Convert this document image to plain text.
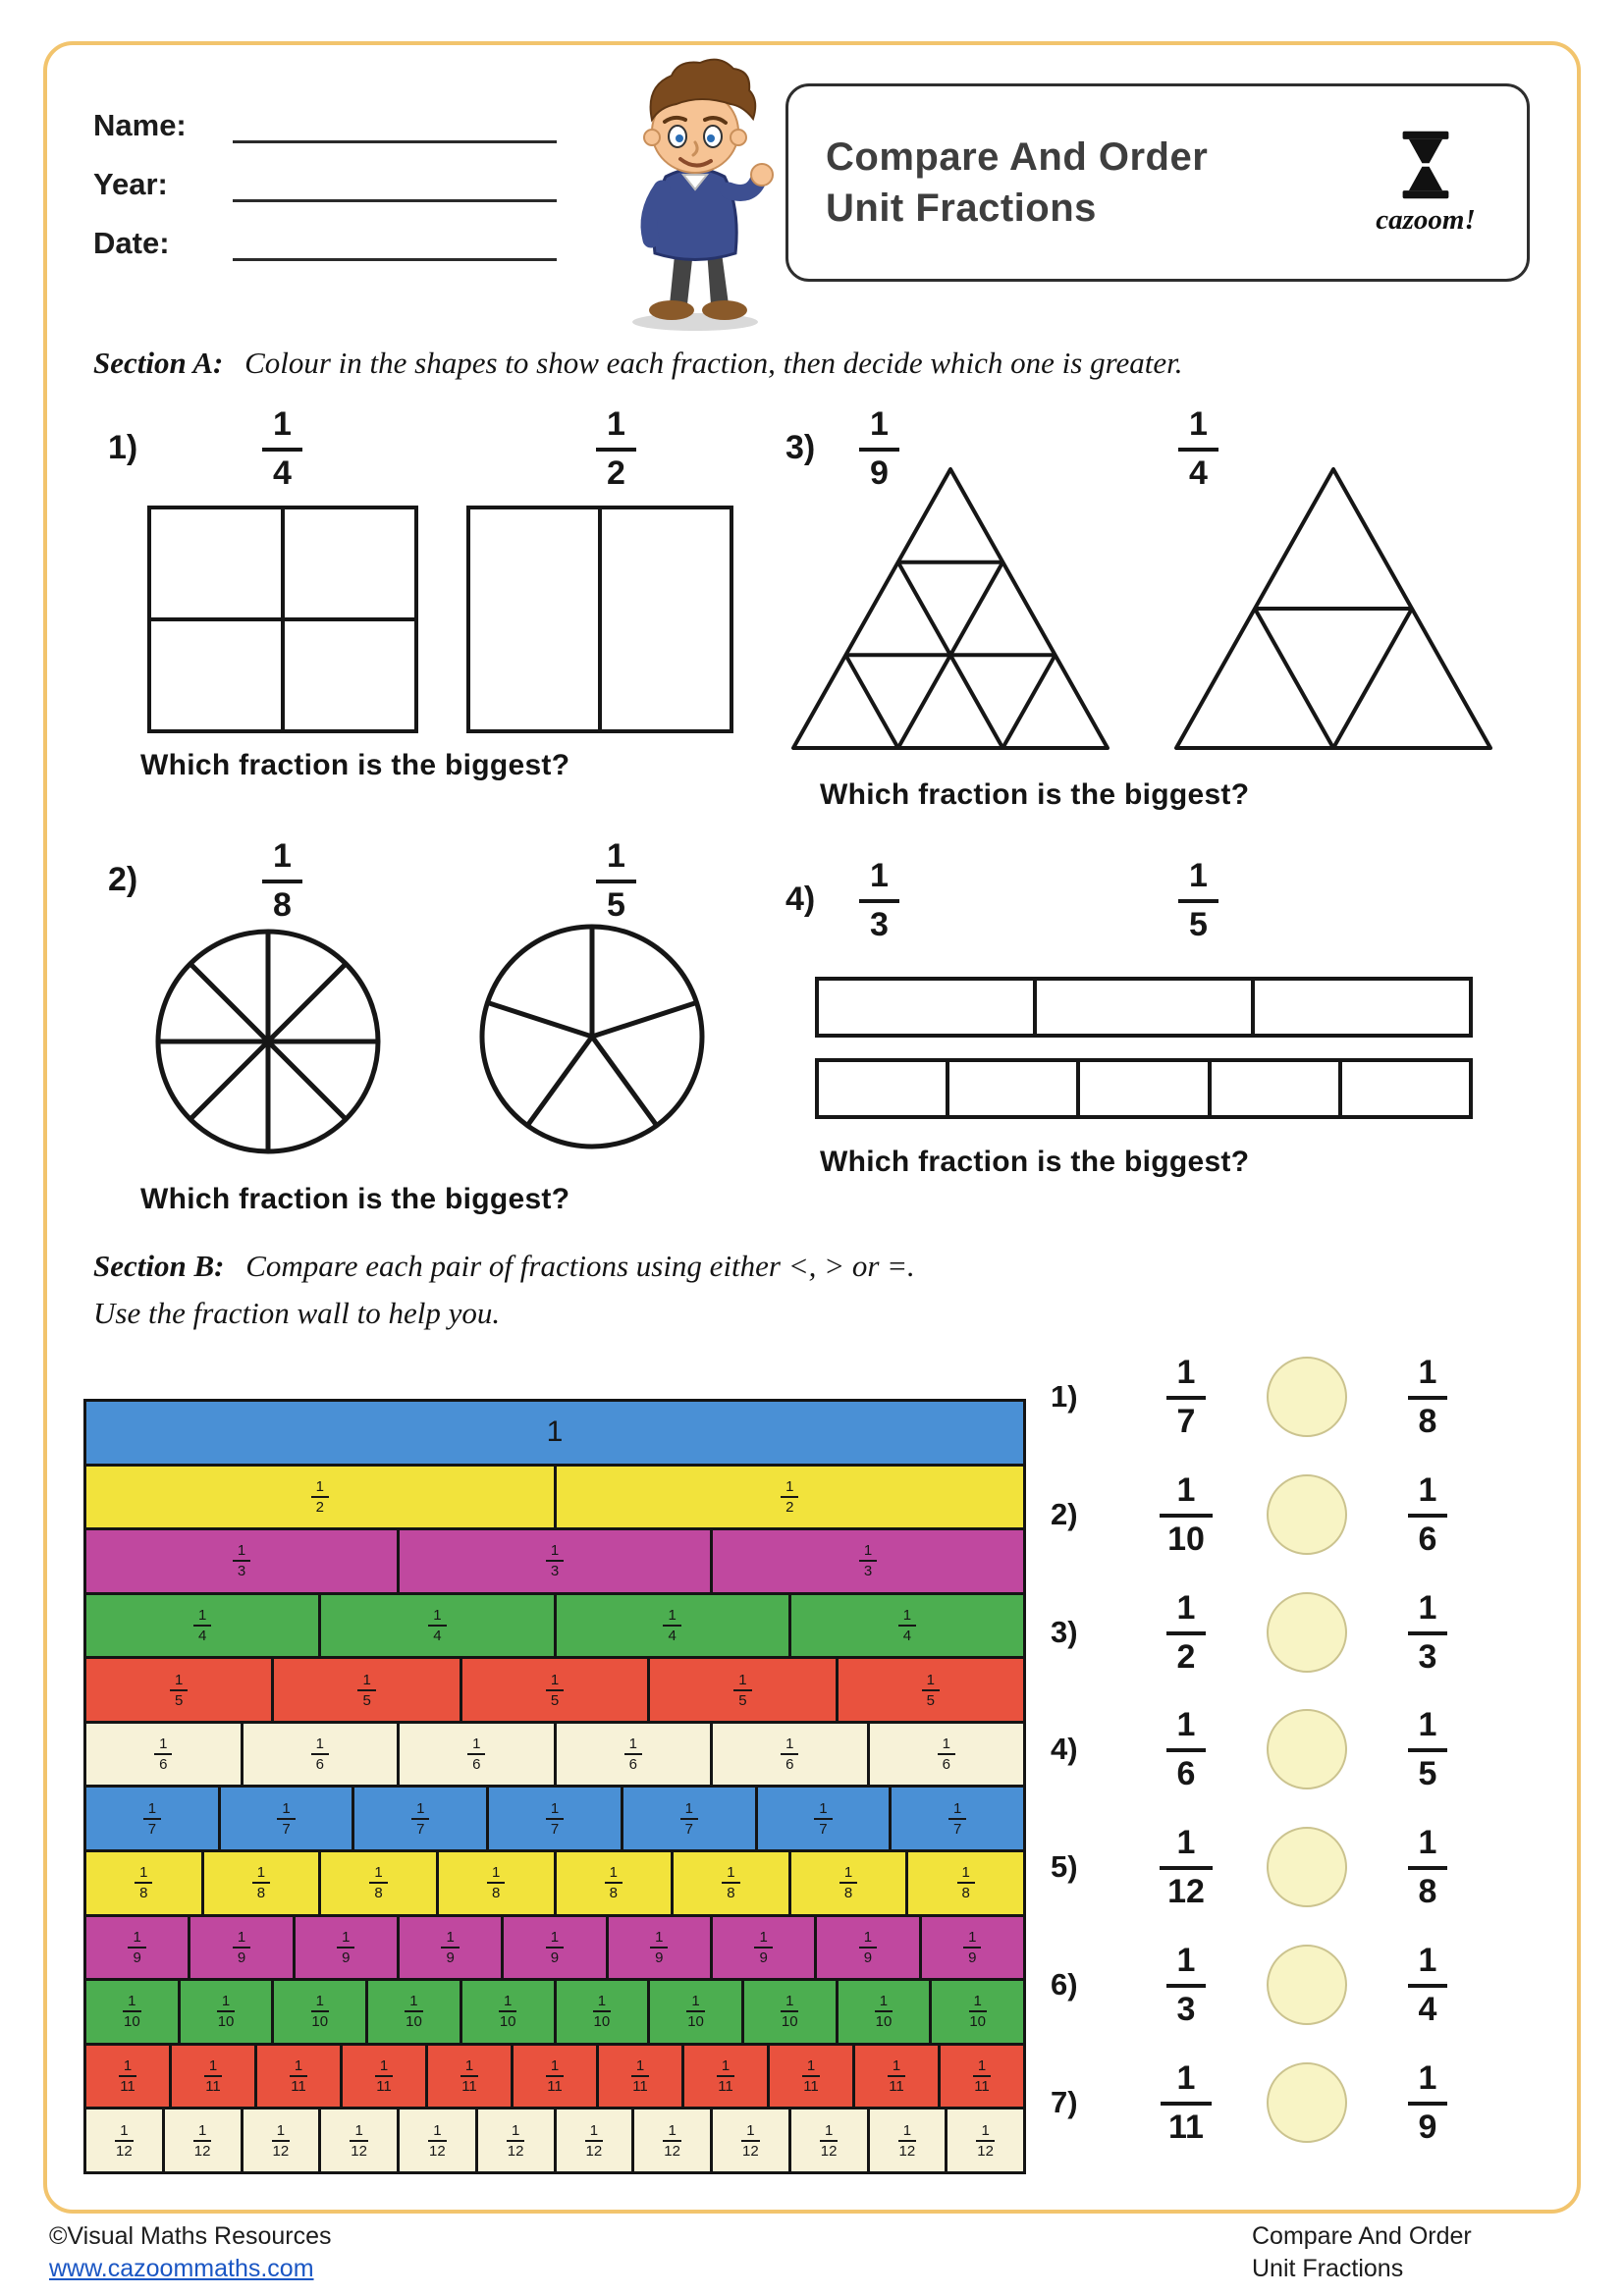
Name:
Year:
Date:
Compare And Order
Unit Fractions	cazoom!
Section A: Colour in the shapes to show each fraction, then decide which one is greater.
1)	$\frac{1}{4}$	$\frac{1}{2}$
Which fraction is the biggest?
$3) \frac{1}{9}$	$\frac{1}{4}$
Which fraction is the biggest?
2)	$\frac{1}{8}$	$\frac{1}{5}$
Which fraction is the biggest?
$4) \frac{1}{3}$	$\frac{1}{5}$
Which fraction is the biggest?
Section B: Compare each pair of fractions using either <, > or =.
Use the fraction wall to help you.
1
$\frac{1}{2}$	$\frac{1}{2}$
$\frac{1}{3}$	$\frac{1}{3}$	$\frac{1}{3}$
$\frac{1}{4}$	$\frac{1}{4}$	$\frac{1}{4}$	$\frac{1}{4}$
$\frac{1}{5}$	$\frac{1}{5}$	$\frac{1}{5}$	$\frac{1}{5}$	$\frac{1}{5}$
$\frac{1}{6}$	$\frac{1}{6}$	$\frac{1}{6}$	$\frac{1}{6}$	$\frac{1}{6}$	$\frac{1}{6}$
$\frac{1}{7}$	$\frac{1}{7}$	$\frac{1}{7}$	$\frac{1}{7}$	$\frac{1}{7}$	$\frac{1}{7}$	$\frac{1}{7}$
$\frac{1}{8}$	$\frac{1}{8}$	$\frac{1}{8}$	$\frac{1}{8}$	$\frac{1}{8}$	$\frac{1}{8}$	$\frac{1}{8}$	$\frac{1}{8}$
$\frac{1}{9}$	$\frac{1}{9}$	$\frac{1}{9}$	$\frac{1}{9}$	$\frac{1}{9}$	$\frac{1}{9}$	$\frac{1}{9}$	$\frac{1}{9}$	$\frac{1}{9}$
$\frac{1}{10}$	$\frac{1}{10}$	$\frac{1}{10}$	$\frac{1}{10}$	$\frac{1}{10}$	$\frac{1}{10}$	$\frac{1}{10}$	$\frac{1}{10}$	$\frac{1}{10}$	$\frac{1}{10}$
$\frac{1}{11}$	$\frac{1}{11}$	$\frac{1}{11}$	$\frac{1}{11}$	$\frac{1}{11}$	$\frac{1}{11}$	$\frac{1}{11}$	$\frac{1}{11}$	$\frac{1}{11}$	$\frac{1}{11}$	$\frac{1}{11}$
$\frac{1}{12}$	$\frac{1}{12}$	$\frac{1}{12}$	$\frac{1}{12}$	$\frac{1}{12}$	$\frac{1}{12}$	$\frac{1}{12}$	$\frac{1}{12}$	$\frac{1}{12}$	$\frac{1}{12}$	$\frac{1}{12}$	$\frac{1}{12}$
1)	$\frac{1}{7}$	$\frac{1}{8}$
2)	$\frac{1}{10}$	$\frac{1}{6}$
3)	$\frac{1}{2}$	$\frac{1}{3}$
4)	$\frac{1}{6}$	$\frac{1}{5}$
5)	$\frac{1}{12}$	$\frac{1}{8}$
6)	$\frac{1}{3}$	$\frac{1}{4}$
7)	$\frac{1}{11}$	$\frac{1}{9}$
©Visual Maths Resources
www.cazoommaths.com
Compare And Order
Unit Fractions
